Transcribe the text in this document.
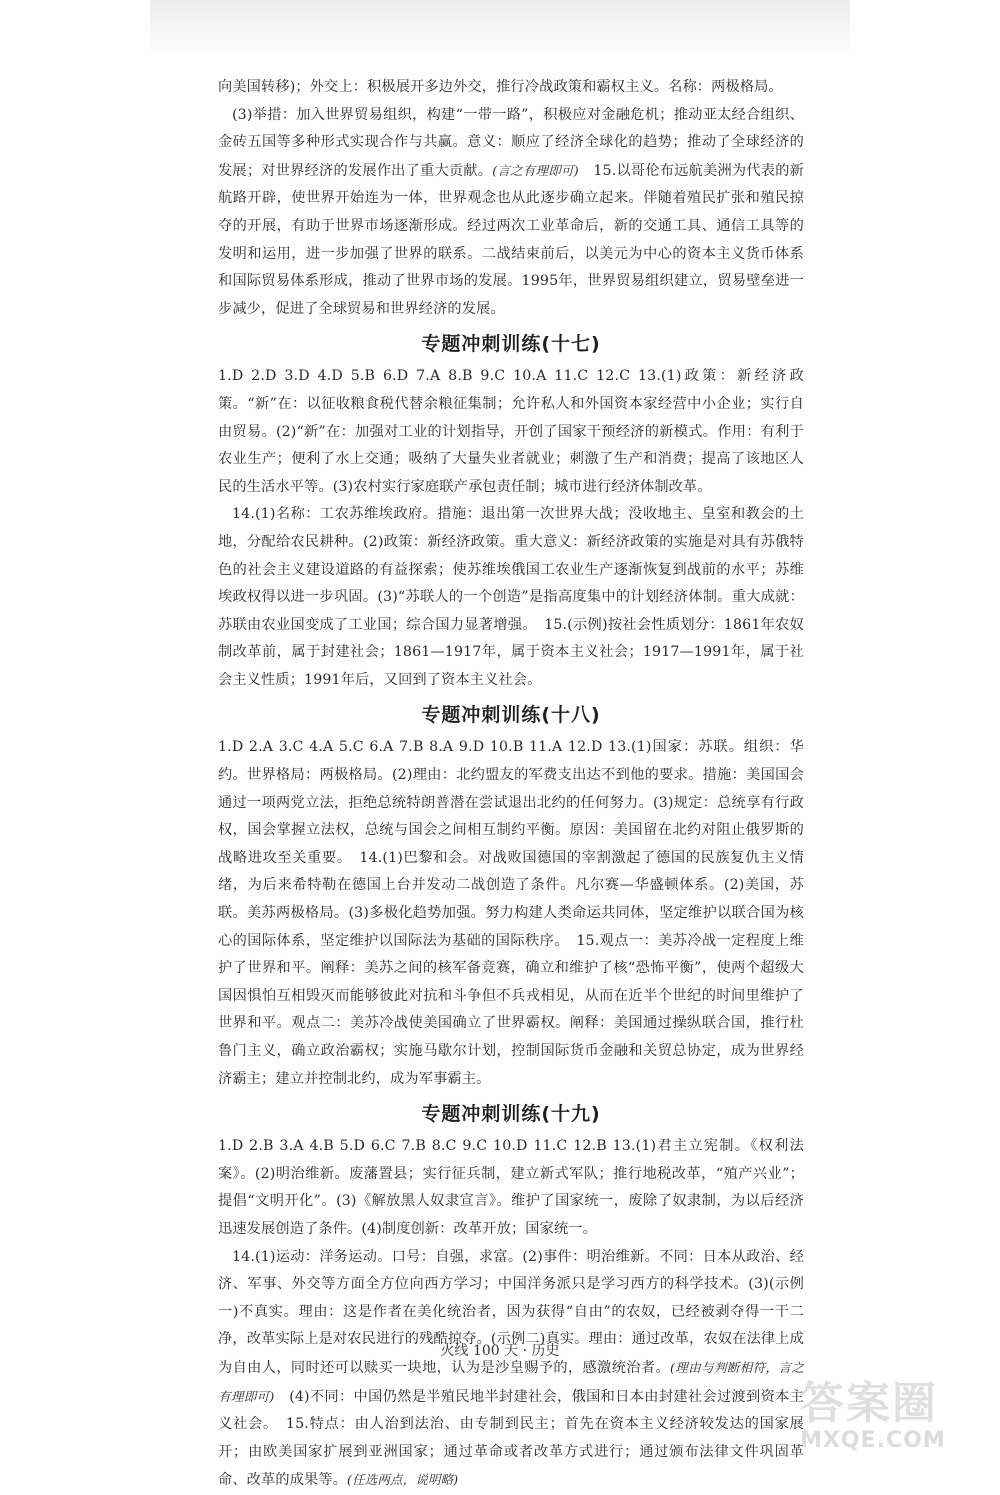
向美国转移)；外交上：积极展开多边外交，推行冷战政策和霸权主义。名称：两极格局。

(3)举措：加入世界贸易组织，构建“一带一路”，积极应对金融危机；推动亚太经合组织、金砖五国等多种形式实现合作与共赢。意义：顺应了经济全球化的趋势；推动了全球经济的发展；对世界经济的发展作出了重大贡献。(言之有理即可)　 15.以哥伦布远航美洲为代表的新航路开辟，使世界开始连为一体，世界观念也从此逐步确立起来。伴随着殖民扩张和殖民掠夺的开展，有助于世界市场逐渐形成。经过两次工业革命后，新的交通工具、通信工具等的发明和运用，进一步加强了世界的联系。二战结束前后，以美元为中心的资本主义货币体系和国际贸易体系形成，推动了世界市场的发展。1995年，世界贸易组织建立，贸易壁垒进一步减少，促进了全球贸易和世界经济的发展。

专题冲刺训练(十七)

1.D 2.D 3.D 4.D 5.B 6.D 7.A 8.B 9.C 10.A 11.C 12.C 13.(1)政策：新经济政策。“新”在：以征收粮食税代替余粮征集制；允许私人和外国资本家经营中小企业；实行自由贸易。(2)“新”在：加强对工业的计划指导，开创了国家干预经济的新模式。作用：有利于农业生产；便利了水上交通；吸纳了大量失业者就业；刺激了生产和消费；提高了该地区人民的生活水平等。(3)农村实行家庭联产承包责任制；城市进行经济体制改革。

14.(1)名称：工农苏维埃政府。措施：退出第一次世界大战；没收地主、皇室和教会的土地，分配给农民耕种。(2)政策：新经济政策。重大意义：新经济政策的实施是对具有苏俄特色的社会主义建设道路的有益探索；使苏维埃俄国工农业生产逐渐恢复到战前的水平；苏维埃政权得以进一步巩固。(3)“苏联人的一个创造”是指高度集中的计划经济体制。重大成就：苏联由农业国变成了工业国；综合国力显著增强。　15.(示例)按社会性质划分：1861年农奴制改革前，属于封建社会；1861—1917年，属于资本主义社会；1917—1991年，属于社会主义性质；1991年后，又回到了资本主义社会。

专题冲刺训练(十八)

1.D 2.A 3.C 4.A 5.C 6.A 7.B 8.A 9.D 10.B 11.A 12.D 13.(1)国家：苏联。组织：华约。世界格局：两极格局。(2)理由：北约盟友的军费支出达不到他的要求。措施：美国国会通过一项两党立法，拒绝总统特朗普潜在尝试退出北约的任何努力。(3)规定：总统享有行政权，国会掌握立法权，总统与国会之间相互制约平衡。原因：美国留在北约对阻止俄罗斯的战略进攻至关重要。　14.(1)巴黎和会。对战败国德国的宰割激起了德国的民族复仇主义情绪，为后来希特勒在德国上台并发动二战创造了条件。凡尔赛—华盛顿体系。(2)美国，苏联。美苏两极格局。(3)多极化趋势加强。努力构建人类命运共同体，坚定维护以联合国为核心的国际体系，坚定维护以国际法为基础的国际秩序。　15.观点一：美苏冷战一定程度上维护了世界和平。阐释：美苏之间的核军备竞赛，确立和维护了核“恐怖平衡”，使两个超级大国因惧怕互相毁灭而能够彼此对抗和斗争但不兵戎相见，从而在近半个世纪的时间里维护了世界和平。观点二：美苏冷战使美国确立了世界霸权。阐释：美国通过操纵联合国，推行杜鲁门主义，确立政治霸权；实施马歇尔计划，控制国际货币金融和关贸总协定，成为世界经济霸主；建立并控制北约，成为军事霸主。

专题冲刺训练(十九)

1.D 2.B 3.A 4.B 5.D 6.C 7.B 8.C 9.C 10.D 11.C 12.B 13.(1)君主立宪制。《权利法案》。(2)明治维新。废藩置县；实行征兵制，建立新式军队；推行地税改革，“殖产兴业”；提倡“文明开化”。(3)《解放黑人奴隶宣言》。维护了国家统一，废除了奴隶制，为以后经济迅速发展创造了条件。(4)制度创新：改革开放；国家统一。

14.(1)运动：洋务运动。口号：自强，求富。(2)事件：明治维新。不同：日本从政治、经济、军事、外交等方面全方位向西方学习；中国洋务派只是学习西方的科学技术。(3)(示例一)不真实。理由：这是作者在美化统治者，因为获得“自由”的农奴，已经被剥夺得一干二净，改革实际上是对农民进行的残酷掠夺。(示例二)真实。理由：通过改革，农奴在法律上成为自由人，同时还可以赎买一块地，认为是沙皇赐予的，感激统治者。(理由与判断相符，言之有理即可)　 (4)不同：中国仍然是半殖民地半封建社会，俄国和日本由封建社会过渡到资本主义社会。　15.特点：由人治到法治、由专制到民主；首先在资本主义经济较发达的国家展开；由欧美国家扩展到亚洲国家；通过革命或者改革方式进行；通过颁布法律文件巩固革命、改革的成果等。(任选两点，说明略)

火线 100 天 · 历史
答案圈
MXQE.COM
